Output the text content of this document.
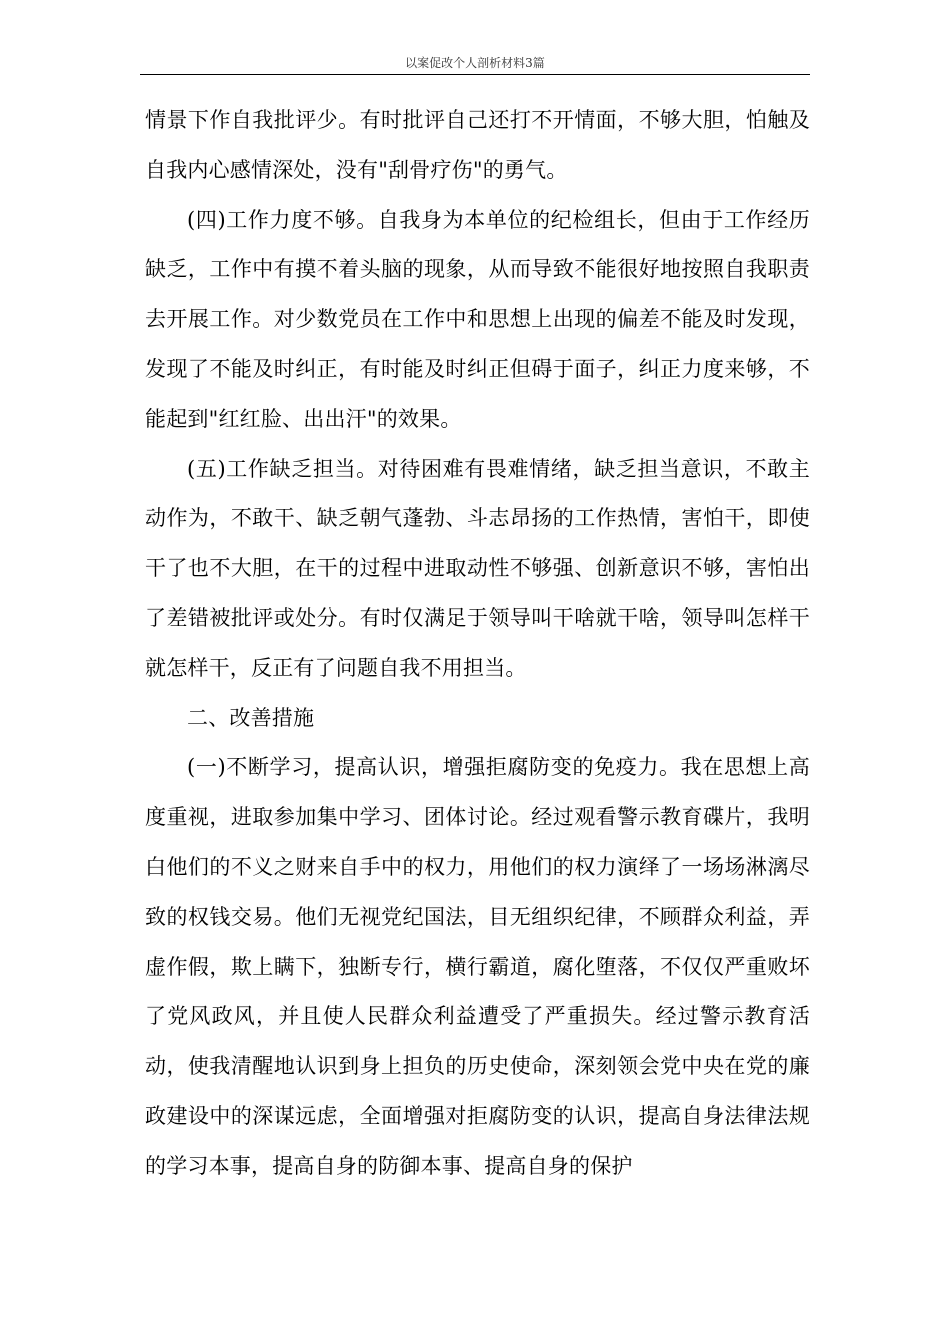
以案促改个人剖析材料3篇

情景下作自我批评少。有时批评自己还打不开情面，不够大胆，怕触及自我内心感情深处，没有"刮骨疗伤"的勇气。

(四)工作力度不够。自我身为本单位的纪检组长，但由于工作经历缺乏，工作中有摸不着头脑的现象，从而导致不能很好地按照自我职责去开展工作。对少数党员在工作中和思想上出现的偏差不能及时发现，发现了不能及时纠正，有时能及时纠正但碍于面子，纠正力度来够，不能起到"红红脸、出出汗"的效果。

(五)工作缺乏担当。对待困难有畏难情绪，缺乏担当意识，不敢主动作为，不敢干、缺乏朝气蓬勃、斗志昂扬的工作热情，害怕干，即使干了也不大胆，在干的过程中进取动性不够强、创新意识不够，害怕出了差错被批评或处分。有时仅满足于领导叫干啥就干啥，领导叫怎样干就怎样干，反正有了问题自我不用担当。

二、改善措施

(一)不断学习，提高认识，增强拒腐防变的免疫力。我在思想上高度重视，进取参加集中学习、团体讨论。经过观看警示教育碟片，我明白他们的不义之财来自手中的权力，用他们的权力演绎了一场场淋漓尽致的权钱交易。他们无视党纪国法，目无组织纪律，不顾群众利益，弄虚作假，欺上瞒下，独断专行，横行霸道，腐化堕落，不仅仅严重败坏了党风政风，并且使人民群众利益遭受了严重损失。经过警示教育活动，使我清醒地认识到身上担负的历史使命，深刻领会党中央在党的廉政建设中的深谋远虑，全面增强对拒腐防变的认识，提高自身法律法规的学习本事，提高自身的防御本事、提高自身的保护
